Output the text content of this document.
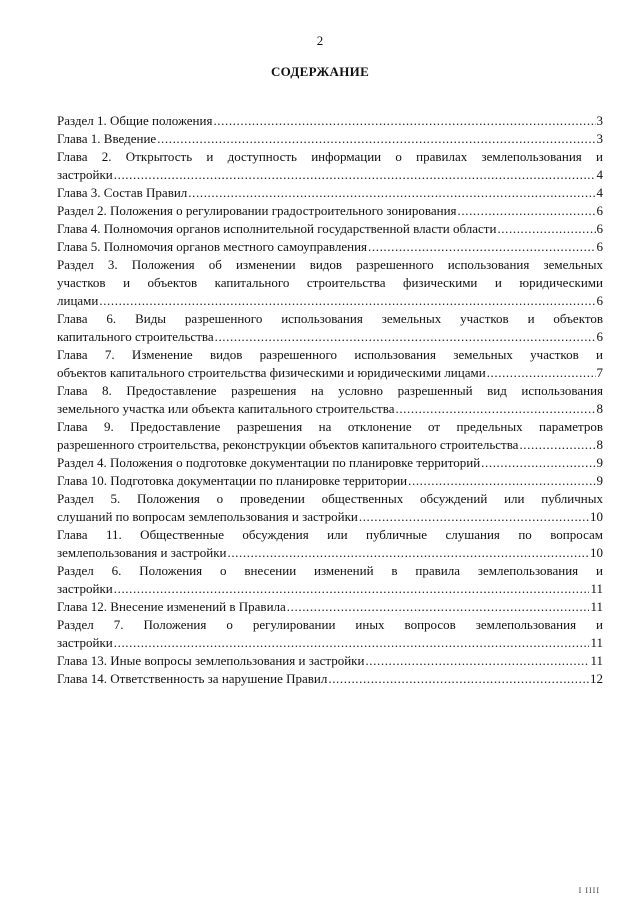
2
СОДЕРЖАНИЕ
Раздел 1. Общие положения .....	3
Глава 1. Введение .....	3
Глава 2. Открытость и доступность информации о правилах землепользования и
застройки .....	4
Глава 3. Состав Правил .....	4
Раздел 2. Положения о регулировании градостроительного зонирования .....	6
Глава 4. Полномочия органов исполнительной государственной власти области .....	6
Глава 5. Полномочия органов местного самоуправления .....	6
Раздел 3. Положения об изменении видов разрешенного использования земельных
участков и объектов капитального строительства физическими и юридическими
лицами .....	6
Глава 6. Виды разрешенного использования земельных участков и объектов
капитального строительства .....	6
Глава 7. Изменение видов разрешенного использования земельных участков и
объектов капитального строительства физическими и юридическими лицами .....	7
Глава 8. Предоставление разрешения на условно разрешенный вид использования
земельного участка или объекта капитального строительства .....	8
Глава 9. Предоставление разрешения на отклонение от предельных параметров
разрешенного строительства, реконструкции объектов капитального строительства .....	8
Раздел 4. Положения о подготовке документации по планировке территорий .....	9
Глава 10. Подготовка документации по планировке территории .....	9
Раздел 5. Положения о проведении общественных обсуждений или публичных
слушаний по вопросам землепользования и застройки .....	10
Глава 11. Общественные обсуждения или публичные слушания по вопросам
землепользования и застройки .....	10
Раздел 6. Положения о внесении изменений в правила землепользования и
застройки .....	11
Глава 12. Внесение изменений в Правила .....	11
Раздел 7. Положения о регулировании иных вопросов землепользования и
застройки .....	11
Глава 13. Иные вопросы землепользования и застройки .....	11
Глава 14. Ответственность за нарушение Правил .....	12
I IIII
